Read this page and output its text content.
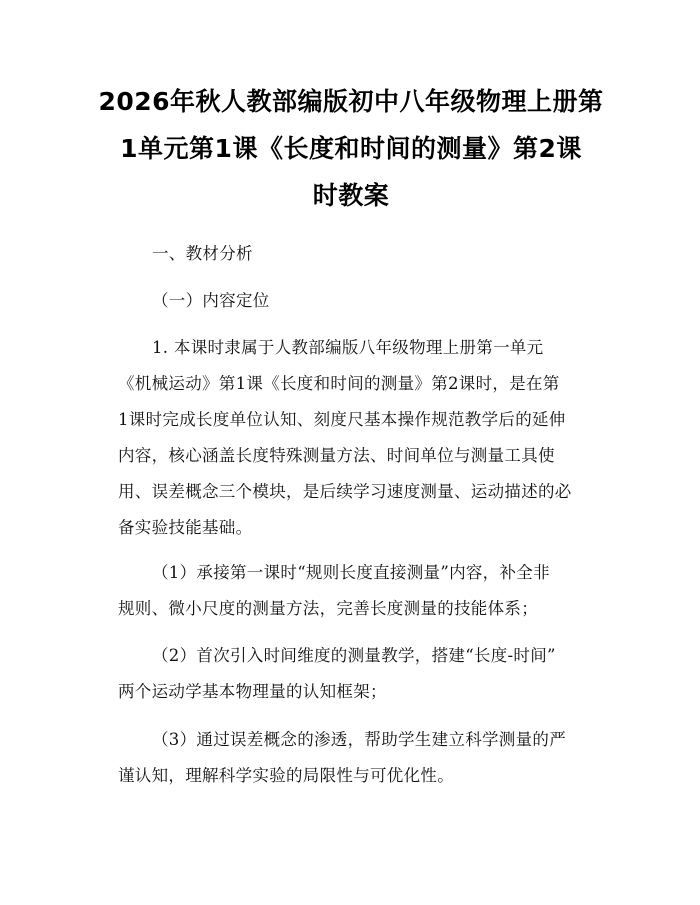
2026年秋人教部编版初中八年级物理上册第
1单元第1课《长度和时间的测量》第2课
时教案
一、教材分析
（一）内容定位
1. 本课时隶属于人教部编版八年级物理上册第一单元
《机械运动》第1课《长度和时间的测量》第2课时，是在第
1课时完成长度单位认知、刻度尺基本操作规范教学后的延伸
内容，核心涵盖长度特殊测量方法、时间单位与测量工具使
用、误差概念三个模块，是后续学习速度测量、运动描述的必
备实验技能基础。
（1）承接第一课时“规则长度直接测量”内容，补全非
规则、微小尺度的测量方法，完善长度测量的技能体系；
（2）首次引入时间维度的测量教学，搭建“长度-时间”
两个运动学基本物理量的认知框架；
（3）通过误差概念的渗透，帮助学生建立科学测量的严
谨认知，理解科学实验的局限性与可优化性。
